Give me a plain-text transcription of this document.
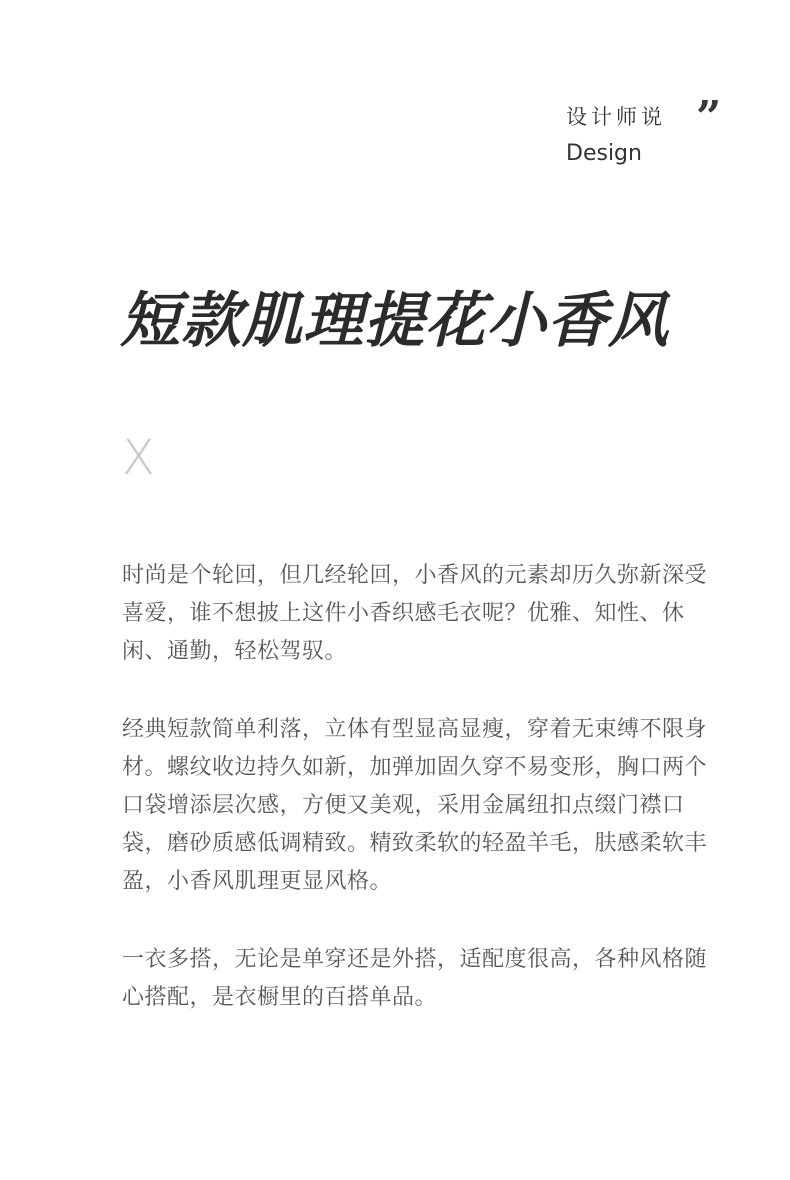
设计师说 ”
Design
短款肌理提花小香风
X

时尚是个轮回，但几经轮回，小香风的元素却历久弥新深受喜爱，谁不想披上这件小香织感毛衣呢？优雅、知性、休闲、通勤，轻松驾驭。

经典短款简单利落，立体有型显高显瘦，穿着无束缚不限身材。螺纹收边持久如新，加弹加固久穿不易变形，胸口两个口袋增添层次感，方便又美观，采用金属纽扣点缀门襟口袋，磨砂质感低调精致。精致柔软的轻盈羊毛，肤感柔软丰盈，小香风肌理更显风格。

一衣多搭，无论是单穿还是外搭，适配度很高，各种风格随心搭配，是衣橱里的百搭单品。
